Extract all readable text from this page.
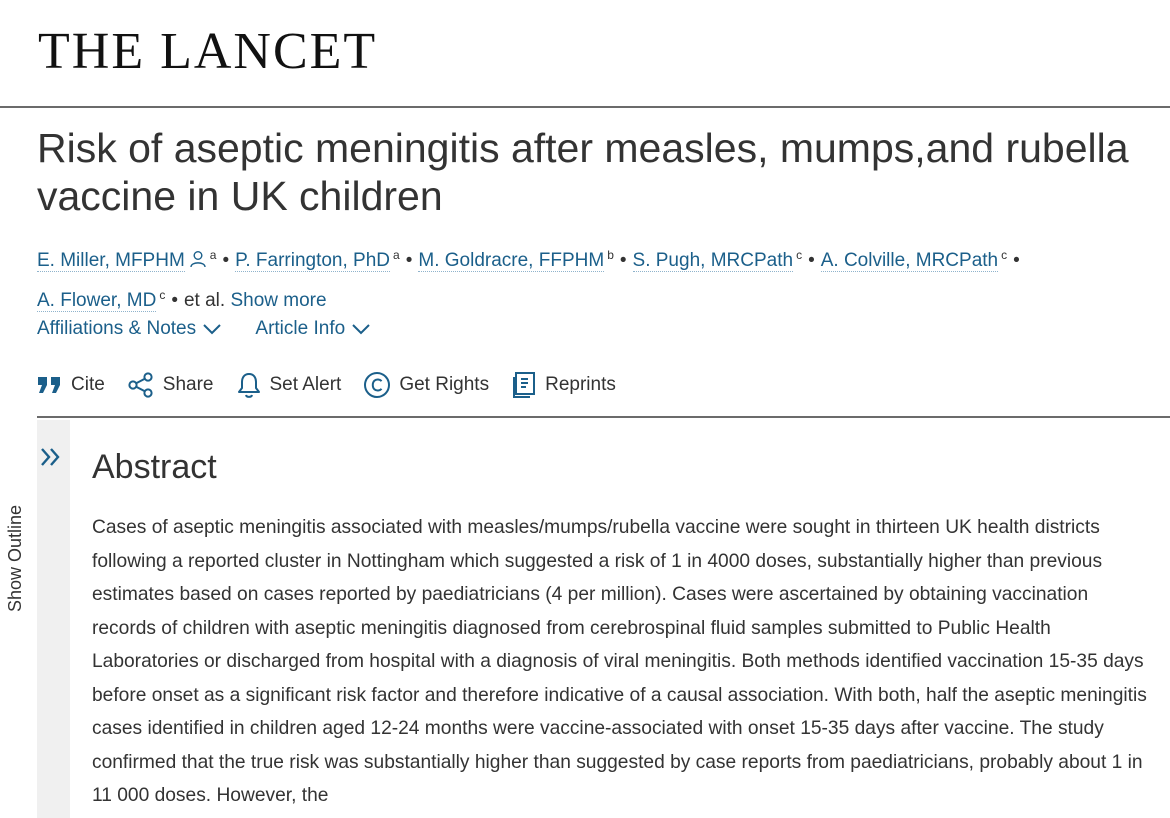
THE LANCET
Risk of aseptic meningitis after measles, mumps,and rubella vaccine in UK children
E. Miller, MFPHM $^a$ • P. Farrington, PhD $^a$ • M. Goldracre, FFPHM $^b$ • S. Pugh, MRCPath $^c$ • A. Colville, MRCPath $^c$ •
A. Flower, MD $^c$ • et al. Show more
Affiliations & Notes
	Article Info
Cite	Share	Set Alert	Get Rights	Reprints
Show Outline
Abstract

Cases of aseptic meningitis associated with measles/mumps/rubella vaccine were sought in thirteen UK health districts following a reported cluster in Nottingham which suggested a risk of 1 in 4000 doses, substantially higher than previous estimates based on cases reported by paediatricians (4 per million). Cases were ascertained by obtaining vaccination records of children with aseptic meningitis diagnosed from cerebrospinal fluid samples submitted to Public Health Laboratories or discharged from hospital with a diagnosis of viral meningitis. Both methods identified vaccination 15-35 days before onset as a significant risk factor and therefore indicative of a causal association. With both, half the aseptic meningitis cases identified in children aged 12-24 months were vaccine-associated with onset 15-35 days after vaccine. The study confirmed that the true risk was substantially higher than suggested by case reports from paediatricians, probably about 1 in 11 000 doses. However, the
